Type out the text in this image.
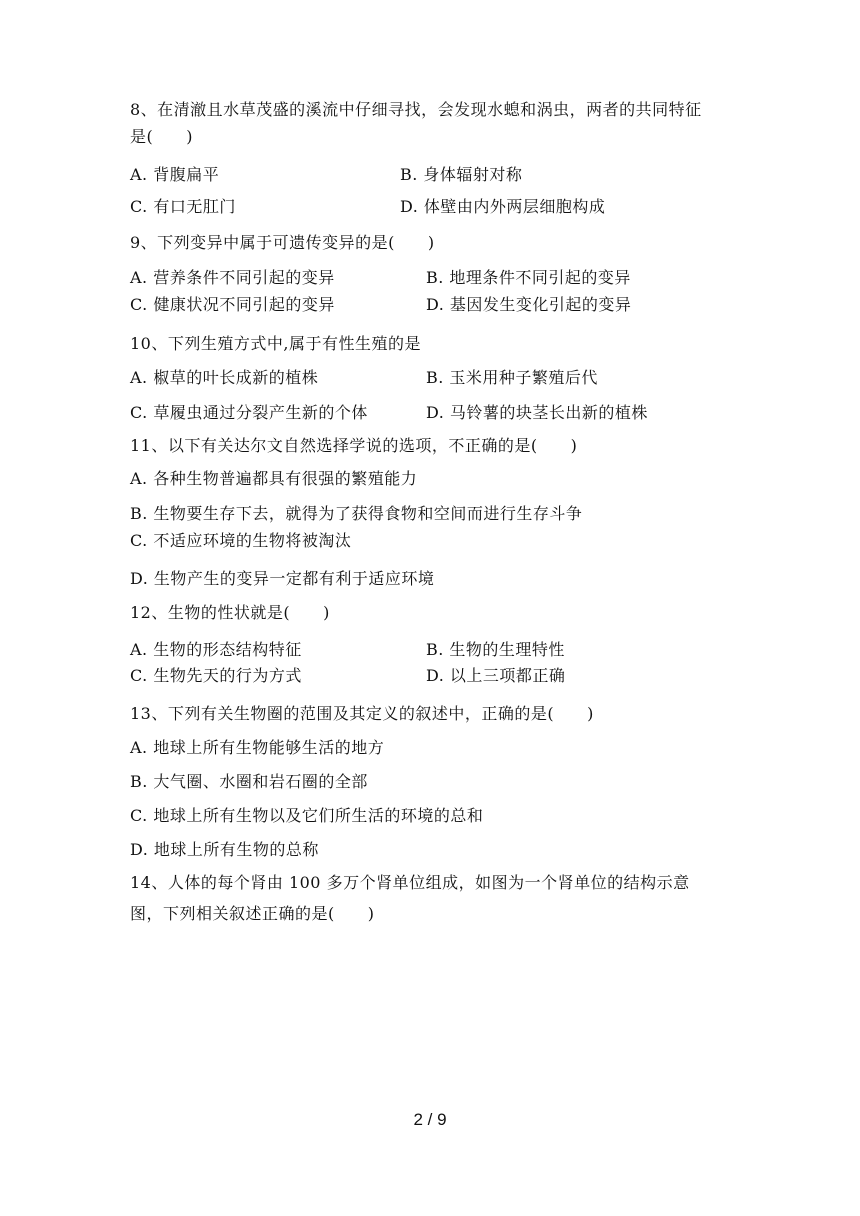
8、在清澈且水草茂盛的溪流中仔细寻找，会发现水螅和涡虫，两者的共同特征
是(　　)
A. 背腹扁平	B. 身体辐射对称
C. 有口无肛门	D. 体壁由内外两层细胞构成
9、下列变异中属于可遗传变异的是(　　)
A. 营养条件不同引起的变异	B. 地理条件不同引起的变异
C. 健康状况不同引起的变异	D. 基因发生变化引起的变异
10、下列生殖方式中,属于有性生殖的是
A. 椒草的叶长成新的植株	B. 玉米用种子繁殖后代
C. 草履虫通过分裂产生新的个体	D. 马铃薯的块茎长出新的植株
11、以下有关达尔文自然选择学说的选项，不正确的是(　　)
A. 各种生物普遍都具有很强的繁殖能力
B. 生物要生存下去，就得为了获得食物和空间而进行生存斗争
C. 不适应环境的生物将被淘汰
D. 生物产生的变异一定都有利于适应环境
12、生物的性状就是(　　)
A. 生物的形态结构特征	B. 生物的生理特性
C. 生物先天的行为方式	D. 以上三项都正确
13、下列有关生物圈的范围及其定义的叙述中，正确的是(　　)
A. 地球上所有生物能够生活的地方
B. 大气圈、水圈和岩石圈的全部
C. 地球上所有生物以及它们所生活的环境的总和
D. 地球上所有生物的总称
14、人体的每个肾由 100 多万个肾单位组成，如图为一个肾单位的结构示意
图，下列相关叙述正确的是(　　)
2 / 9
